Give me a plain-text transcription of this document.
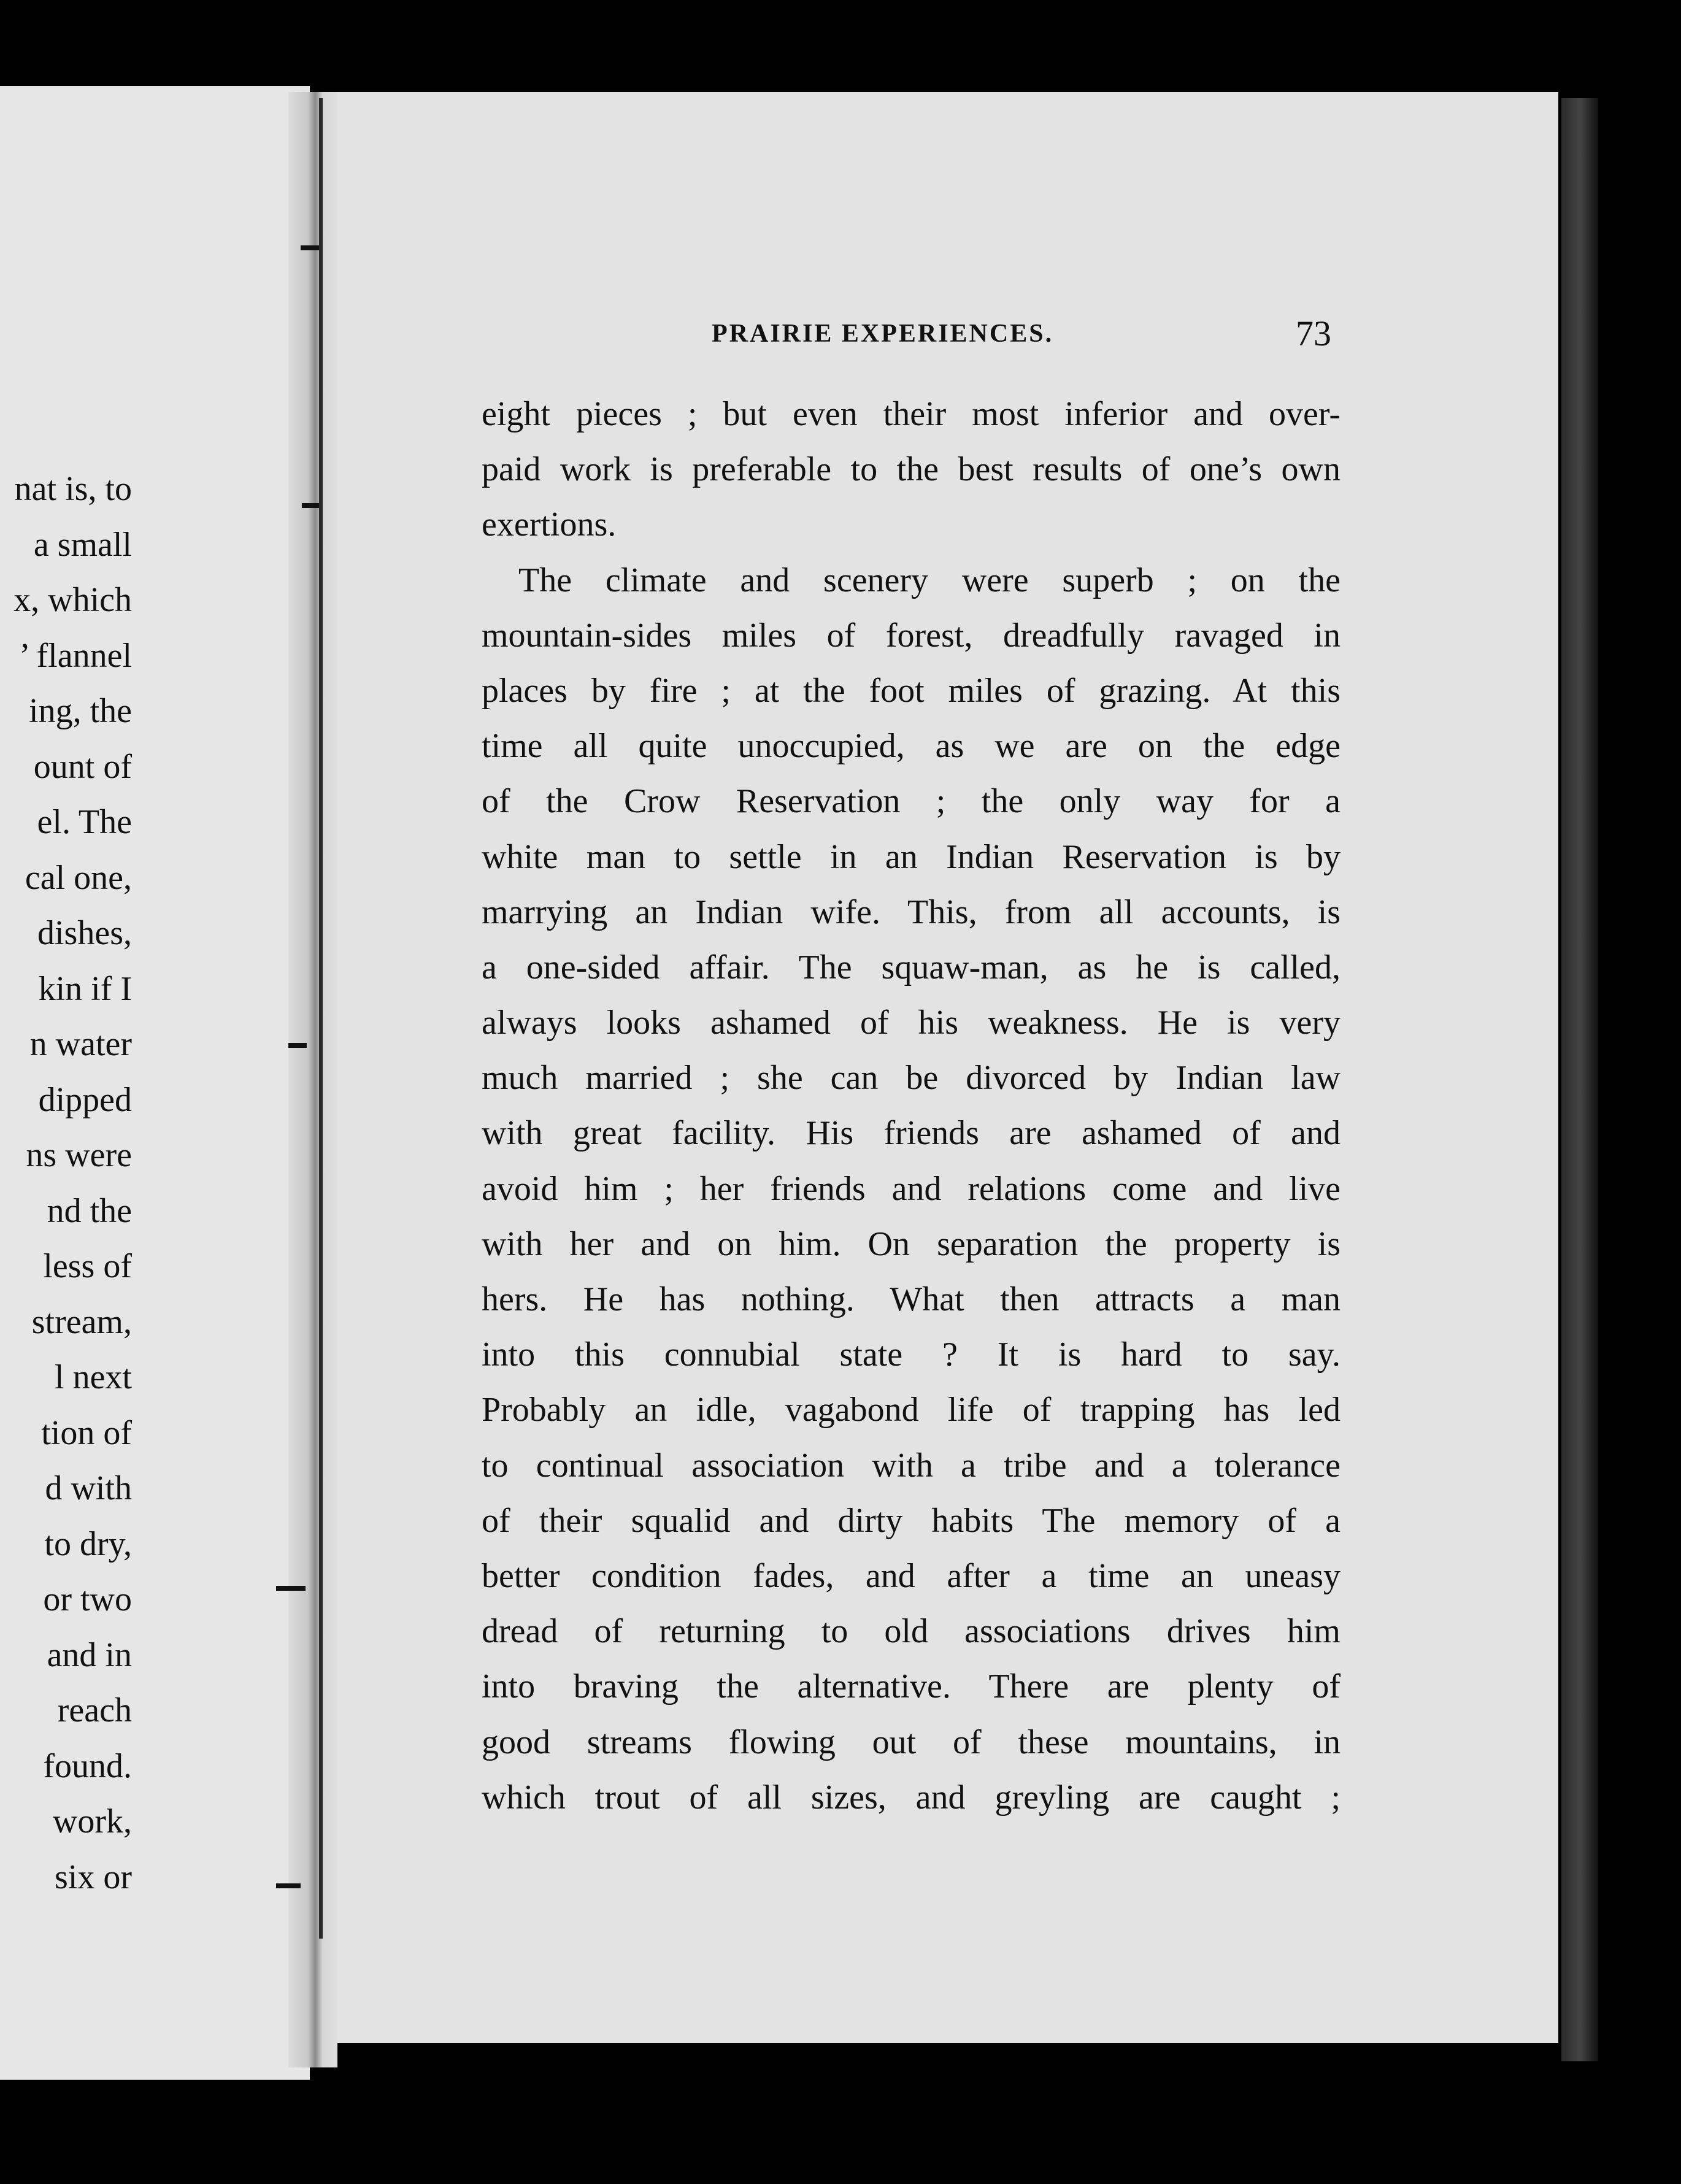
nat is, to
a small
x, which
’ flannel
ing, the
ount of
el. The
cal one,
dishes,
kin if I
n water
dipped
ns were
nd the
less of
stream,
l next
tion of
d with
to dry,
or two
and in
reach
found.
work,
six or
PRAIRIE EXPERIENCES.	73
eight pieces ; but even their most inferior and over-
paid work is preferable to the best results of one’s own
exertions.
The climate and scenery were superb ; on the
mountain-sides miles of forest, dreadfully ravaged in
places by fire ; at the foot miles of grazing. At this
time all quite unoccupied, as we are on the edge
of the Crow Reservation ; the only way for a
white man to settle in an Indian Reservation is by
marrying an Indian wife. This, from all accounts, is
a one-sided affair. The squaw-man, as he is called,
always looks ashamed of his weakness. He is very
much married ; she can be divorced by Indian law
with great facility. His friends are ashamed of and
avoid him ; her friends and relations come and live
with her and on him. On separation the property is
hers. He has nothing. What then attracts a man
into this connubial state ? It is hard to say.
Probably an idle, vagabond life of trapping has led
to continual association with a tribe and a tolerance
of their squalid and dirty habits The memory of a
better condition fades, and after a time an uneasy
dread of returning to old associations drives him
into braving the alternative. There are plenty of
good streams flowing out of these mountains, in
which trout of all sizes, and greyling are caught ;
